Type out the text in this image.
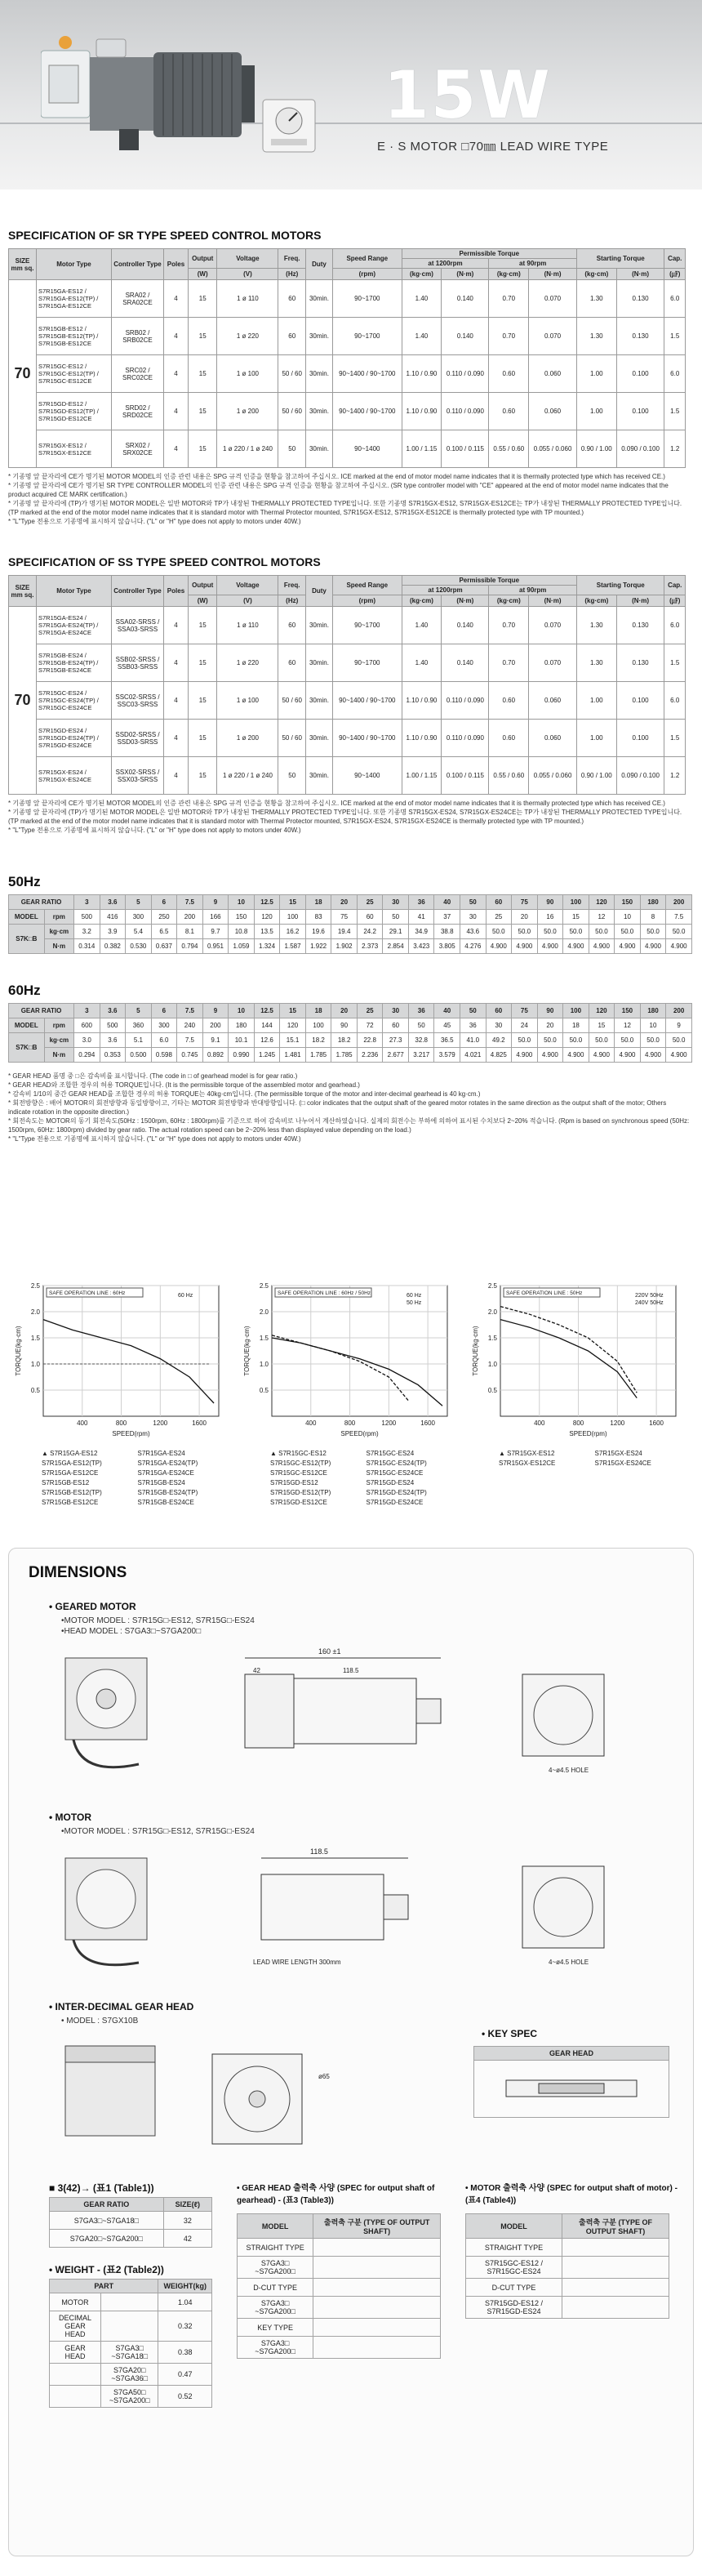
15W
E · S MOTOR □70㎜ LEAD WIRE TYPE
SPECIFICATION OF SR TYPE SPEED CONTROL MOTORS
SIZE
mm sq.	Motor Type	Controller Type	Poles	Output	Voltage	Freq.	Duty	Speed Range	Permissible Torque				Starting Torque		Cap.
									at 1200rpm		at 90rpm				
				(W)	(V)	(Hz)		(rpm)	(kg·cm)	(N·m)	(kg·cm)	(N·m)	(kg·cm)	(N·m)	(㎌)
70	S7R15GA-ES12 / S7R15GA-ES12(TP) / S7R15GA-ES12CE	SRA02 / SRA02CE	4	15	1 ø 110	60	30min.	90~1700	1.40	0.140	0.70	0.070	1.30	0.130	6.0
	S7R15GB-ES12 / S7R15GB-ES12(TP) / S7R15GB-ES12CE	SRB02 / SRB02CE	4	15	1 ø 220	60	30min.	90~1700	1.40	0.140	0.70	0.070	1.30	0.130	1.5
	S7R15GC-ES12 / S7R15GC-ES12(TP) / S7R15GC-ES12CE	SRC02 / SRC02CE	4	15	1 ø 100	50 / 60	30min.	90~1400 / 90~1700	1.10 / 0.90	0.110 / 0.090	0.60	0.060	1.00	0.100	6.0
	S7R15GD-ES12 / S7R15GD-ES12(TP) / S7R15GD-ES12CE	SRD02 / SRD02CE	4	15	1 ø 200	50 / 60	30min.	90~1400 / 90~1700	1.10 / 0.90	0.110 / 0.090	0.60	0.060	1.00	0.100	1.5
	S7R15GX-ES12 / S7R15GX-ES12CE	SRX02 / SRX02CE	4	15	1 ø 220 / 1 ø 240	50	30min.	90~1400	1.00 / 1.15	0.100 / 0.115	0.55 / 0.60	0.055 / 0.060	0.90 / 1.00	0.090 / 0.100	1.2
* 기종명 앞 끝자리에 CE가 명기된 MOTOR MODEL의 인증 관련 내용은 SPG 규격 인증을 현황을 참고하여 주십시오. ICE marked at the end of motor model name indicates that it is thermally protected type which has received CE.)
* 기종명 앞 끝자리에 CE가 명기된 SR TYPE CONTROLLER MODEL의 인증 관련 내용은 SPG 규격 인증을 현황을 참고하여 주십시오. (SR type controller model with "CE" appeared at the end of motor model name indicates that the product acquired CE MARK certification.)
* 기종명 앞 끝자리에 (TP)가 명기된 MOTOR MODEL은 일반 MOTOR와 TP가 내장된 THERMALLY PROTECTED TYPE입니다. 또한 기종명 S7R15GX-ES12, S7R15GX-ES12CE는 TP가 내장된 THERMALLY PROTECTED TYPE입니다. (TP marked at the end of the motor model name indicates that it is standard motor with Thermal Protector mounted, S7R15GX-ES12, S7R15GX-ES12CE is thermally protected type with TP mounted.)
* "L"Type 전용으로 기종명에 표시하지 않습니다. ("L" or "H" type does not apply to motors under 40W.)
SPECIFICATION OF SS TYPE SPEED CONTROL MOTORS
SIZE
mm sq.	Motor Type	Controller Type	Poles	Output	Voltage	Freq.	Duty	Speed Range	Permissible Torque				Starting Torque		Cap.
									at 1200rpm		at 90rpm				
				(W)	(V)	(Hz)		(rpm)	(kg·cm)	(N·m)	(kg·cm)	(N·m)	(kg·cm)	(N·m)	(㎌)
70	S7R15GA-ES24 / S7R15GA-ES24(TP) / S7R15GA-ES24CE	SSA02-SRSS / SSA03-SRSS	4	15	1 ø 110	60	30min.	90~1700	1.40	0.140	0.70	0.070	1.30	0.130	6.0
	S7R15GB-ES24 / S7R15GB-ES24(TP) / S7R15GB-ES24CE	SSB02-SRSS / SSB03-SRSS	4	15	1 ø 220	60	30min.	90~1700	1.40	0.140	0.70	0.070	1.30	0.130	1.5
	S7R15GC-ES24 / S7R15GC-ES24(TP) / S7R15GC-ES24CE	SSC02-SRSS / SSC03-SRSS	4	15	1 ø 100	50 / 60	30min.	90~1400 / 90~1700	1.10 / 0.90	0.110 / 0.090	0.60	0.060	1.00	0.100	6.0
	S7R15GD-ES24 / S7R15GD-ES24(TP) / S7R15GD-ES24CE	SSD02-SRSS / SSD03-SRSS	4	15	1 ø 200	50 / 60	30min.	90~1400 / 90~1700	1.10 / 0.90	0.110 / 0.090	0.60	0.060	1.00	0.100	1.5
	S7R15GX-ES24 / S7R15GX-ES24CE	SSX02-SRSS / SSX03-SRSS	4	15	1 ø 220 / 1 ø 240	50	30min.	90~1400	1.00 / 1.15	0.100 / 0.115	0.55 / 0.60	0.055 / 0.060	0.90 / 1.00	0.090 / 0.100	1.2
* 기종명 앞 끝자리에 CE가 명기된 MOTOR MODEL의 인증 관련 내용은 SPG 규격 인증을 현황을 참고하여 주십시오. ICE marked at the end of motor model name indicates that it is thermally protected type which has received CE.)
* 기종명 앞 끝자리에 (TP)가 명기된 MOTOR MODEL은 일반 MOTOR와 TP가 내장된 THERMALLY PROTECTED TYPE입니다. 또한 기종명 S7R15GX-ES24, S7R15GX-ES24CE는 TP가 내장된 THERMALLY PROTECTED TYPE입니다. (TP marked at the end of the motor model name indicates that it is standard motor with Thermal Protector mounted, S7R15GX-ES24, S7R15GX-ES24CE is thermally protected type with TP mounted.)
* "L"Type 전용으로 기종명에 표시하지 않습니다. ("L" or "H" type does not apply to motors under 40W.)
50Hz
GEAR RATIO		3	3.6	5	6	7.5	9	10	12.5	15	18	20	25	30	36	40	50	60	75	90	100	120	150	180	200
MODEL	rpm	500	416	300	250	200	166	150	120	100	83	75	60	50	41	37	30	25	20	16	15	12	10	8	7.5
S7K□B	kg·cm	3.2	3.9	5.4	6.5	8.1	9.7	10.8	13.5	16.2	19.6	19.4	24.2	29.1	34.9	38.8	43.6	50.0	50.0	50.0	50.0	50.0	50.0	50.0	50.0
	N·m	0.314	0.382	0.530	0.637	0.794	0.951	1.059	1.324	1.587	1.922	1.902	2.373	2.854	3.423	3.805	4.276	4.900	4.900	4.900	4.900	4.900	4.900	4.900	4.900
60Hz
GEAR RATIO		3	3.6	5	6	7.5	9	10	12.5	15	18	20	25	30	36	40	50	60	75	90	100	120	150	180	200
MODEL	rpm	600	500	360	300	240	200	180	144	120	100	90	72	60	50	45	36	30	24	20	18	15	12	10	9
S7K□B	kg·cm	3.0	3.6	5.1	6.0	7.5	9.1	10.1	12.6	15.1	18.2	18.2	22.8	27.3	32.8	36.5	41.0	49.2	50.0	50.0	50.0	50.0	50.0	50.0	50.0
	N·m	0.294	0.353	0.500	0.598	0.745	0.892	0.990	1.245	1.481	1.785	1.785	2.236	2.677	3.217	3.579	4.021	4.825	4.900	4.900	4.900	4.900	4.900	4.900	4.900
* GEAR HEAD 품명 중 □은 감속비를 표시합니다. (The code in □ of gearhead model is for gear ratio.)
* GEAR HEAD와 조합한 경우의 허용 TORQUE입니다. (It is the permissible torque of the assembled motor and gearhead.)
* 감속비 1/10의 중간 GEAR HEAD를 조합한 경우의 허용 TORQUE는 40kg·cm입니다. (The permissible torque of the motor and inter-decimal gearhead is 40 kg·cm.)
* 회전방향은 : 배어 MOTOR의 회전방향과 동일방향이고, 기타는 MOTOR 회전방향과 반대방향입니다. (□ color indicates that the output shaft of the geared motor rotates in the same direction as the output shaft of the motor; Others indicate rotation in the opposite direction.)
* 회전속도는 MOTOR의 동기 회전속도(50Hz : 1500rpm, 60Hz : 1800rpm)를 기준으로 하여 감속비로 나누어서 계산하였습니다. 실제의 회전수는 부하에 의하여 표시된 수치보다 2~20% 적습니다. (Rpm is based on synchronous speed (50Hz: 1500rpm, 60Hz: 1800rpm) divided by gear ratio. The actual rotation speed can be 2~20% less than displayed value depending on the load.)
* "L"Type 전용으로 기종명에 표시하지 않습니다. ("L" or "H" type does not apply to motors under 40W.)
0.5
1.0
1.5
2.0
2.5
400	800	1200	1600
SPEED(rpm)
TORQUE(kg·cm)
SAFE OPERATION LINE : 60Hz	60 Hz
▲ S7R15GA-ES12	S7R15GA-ES24
S7R15GA-ES12(TP)	S7R15GA-ES24(TP)
S7R15GA-ES12CE	S7R15GA-ES24CE
S7R15GB-ES12	S7R15GB-ES24
S7R15GB-ES12(TP)	S7R15GB-ES24(TP)
S7R15GB-ES12CE	S7R15GB-ES24CE
0.5
1.0
1.5
2.0
2.5
400	800	1200	1600
SPEED(rpm)
TORQUE(kg·cm)
SAFE OPERATION LINE : 60Hz / 50Hz	60 Hz
50 Hz
▲ S7R15GC-ES12	S7R15GC-ES24
S7R15GC-ES12(TP)	S7R15GC-ES24(TP)
S7R15GC-ES12CE	S7R15GC-ES24CE
S7R15GD-ES12	S7R15GD-ES24
S7R15GD-ES12(TP)	S7R15GD-ES24(TP)
S7R15GD-ES12CE	S7R15GD-ES24CE
0.5
1.0
1.5
2.0
2.5
400	800	1200	1600
SPEED(rpm)
TORQUE(kg·cm)
SAFE OPERATION LINE : 50Hz	220V 50Hz
240V 50Hz
▲ S7R15GX-ES12	S7R15GX-ES24
S7R15GX-ES12CE	S7R15GX-ES24CE
DIMENSIONS
• GEARED MOTOR
•MOTOR MODEL : S7R15G□-ES12, S7R15G□-ES24
•HEAD MODEL : S7GA3□~S7GA200□
160 ±1
42	118.5
4~ø4.5 HOLE
• MOTOR
•MOTOR MODEL : S7R15G□-ES12, S7R15G□-ES24
118.5
LEAD WIRE LENGTH 300mm	4~ø4.5 HOLE
• INTER-DECIMAL GEAR HEAD
• MODEL : S7GX10B
ø65
• KEY SPEC
GEAR HEAD

■ 3(42)→ (표1 (Table1))
GEAR RATIO	SIZE(ℓ)
S7GA3□~S7GA18□	32
S7GA20□~S7GA200□	42
• WEIGHT - (표2 (Table2))
PART		WEIGHT(kg)
MOTOR		1.04
DECIMAL GEAR HEAD		0.32
GEAR HEAD	S7GA3□ ~S7GA18□	0.38
	S7GA20□ ~S7GA36□	0.47
	S7GA50□ ~S7GA200□	0.52
• GEAR HEAD 출력축 사양 (SPEC for output shaft of gearhead) - (표3 (Table3))
MODEL	출력축 구분 (TYPE OF OUTPUT SHAFT)
STRAIGHT TYPE	
S7GA3□ ~S7GA200□	
D-CUT TYPE	
S7GA3□ ~S7GA200□	
KEY TYPE	
S7GA3□ ~S7GA200□	
• MOTOR 출력축 사양 (SPEC for output shaft of motor) - (표4 (Table4))
MODEL	출력축 구분 (TYPE OF OUTPUT SHAFT)
STRAIGHT TYPE	
S7R15GC-ES12 / S7R15GC-ES24	
D-CUT TYPE	
S7R15GD-ES12 / S7R15GD-ES24	
